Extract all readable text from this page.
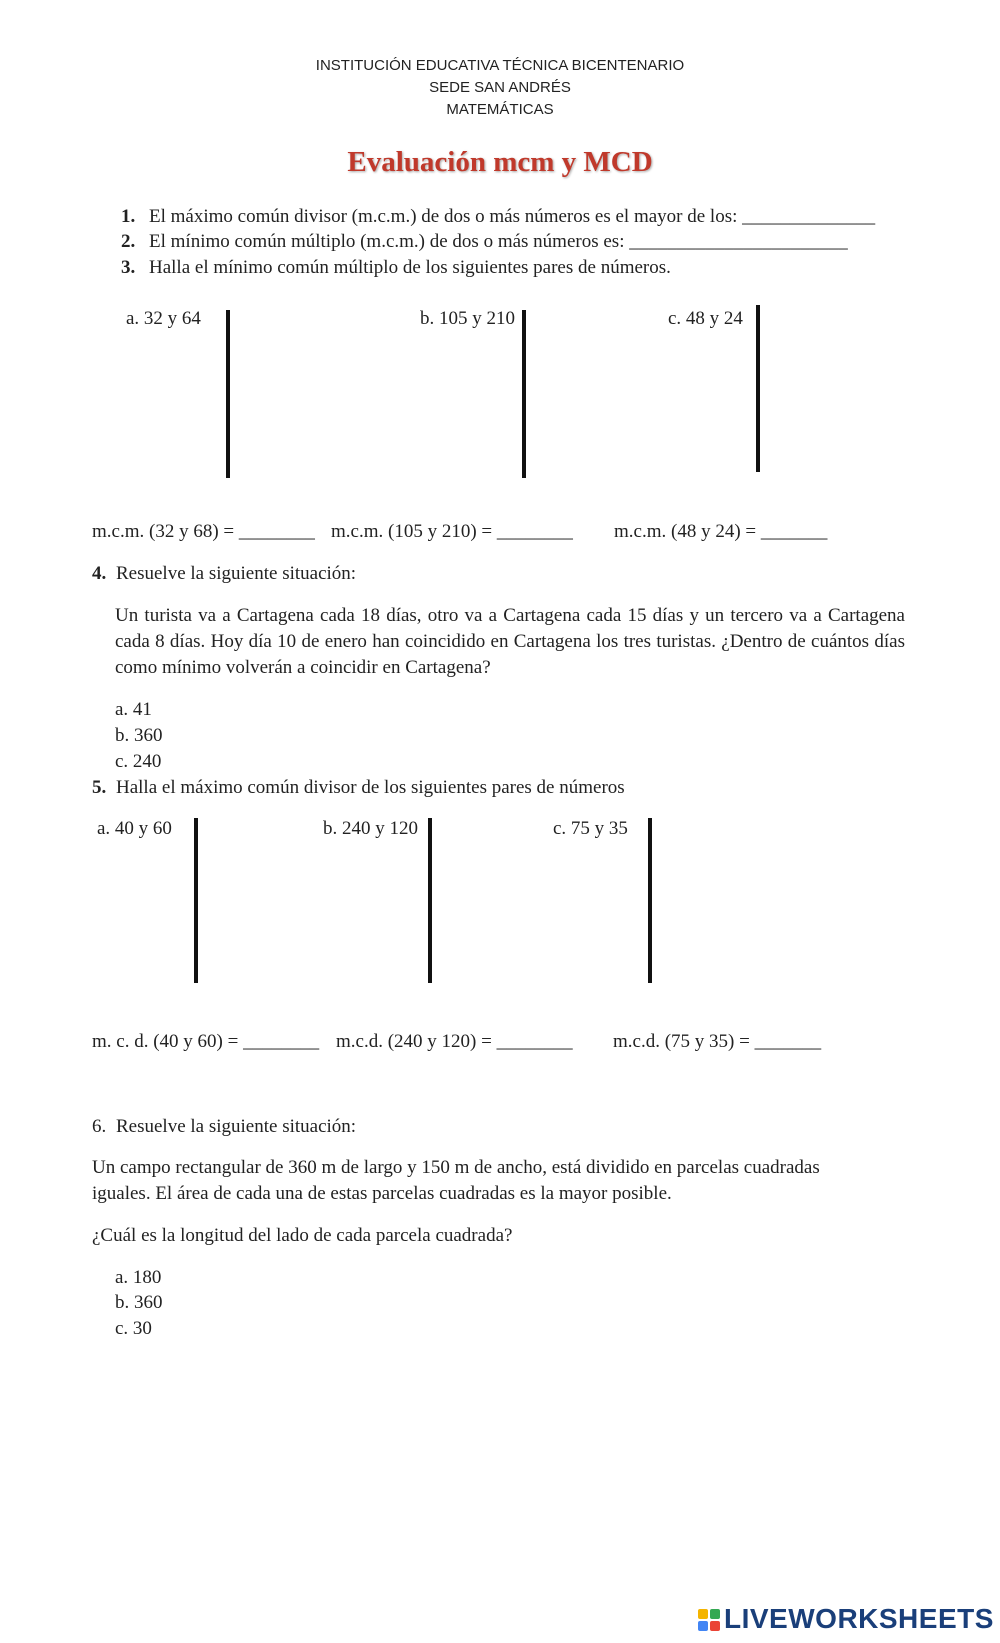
INSTITUCIÓN EDUCATIVA TÉCNICA BICENTENARIO
SEDE SAN ANDRÉS
MATEMÁTICAS
Evaluación mcm y MCD
1. El máximo común divisor (m.c.m.) de dos o más números es el mayor de los: ______________
2. El mínimo común múltiplo (m.c.m.) de dos o más números es: _______________________
3. Halla el mínimo común múltiplo de los siguientes pares de números.
a. 32 y 64	b. 105 y 210	c. 48 y 24
m.c.m. (32 y 68) = ________ m.c.m. (105 y 210) = ________ m.c.m. (48 y 24) = _______
4. Resuelve la siguiente situación:
Un turista va a Cartagena cada 18 días, otro va a Cartagena cada 15 días y un tercero va a Cartagena cada 8 días. Hoy día 10 de enero han coincidido en Cartagena los tres turistas. ¿Dentro de cuántos días como mínimo volverán a coincidir en Cartagena?
a. 41
b. 360
c. 240
5. Halla el máximo común divisor de los siguientes pares de números
a. 40 y 60	b. 240 y 120	c. 75 y 35
m. c. d. (40 y 60) = ________ m.c.d. (240 y 120) = ________ m.c.d. (75 y 35) = _______
6. Resuelve la siguiente situación:
Un campo rectangular de 360 m de largo y 150 m de ancho, está dividido en parcelas cuadradas iguales. El área de cada una de estas parcelas cuadradas es la mayor posible.
¿Cuál es la longitud del lado de cada parcela cuadrada?
a. 180
b. 360
c. 30
LIVEWORKSHEETS
